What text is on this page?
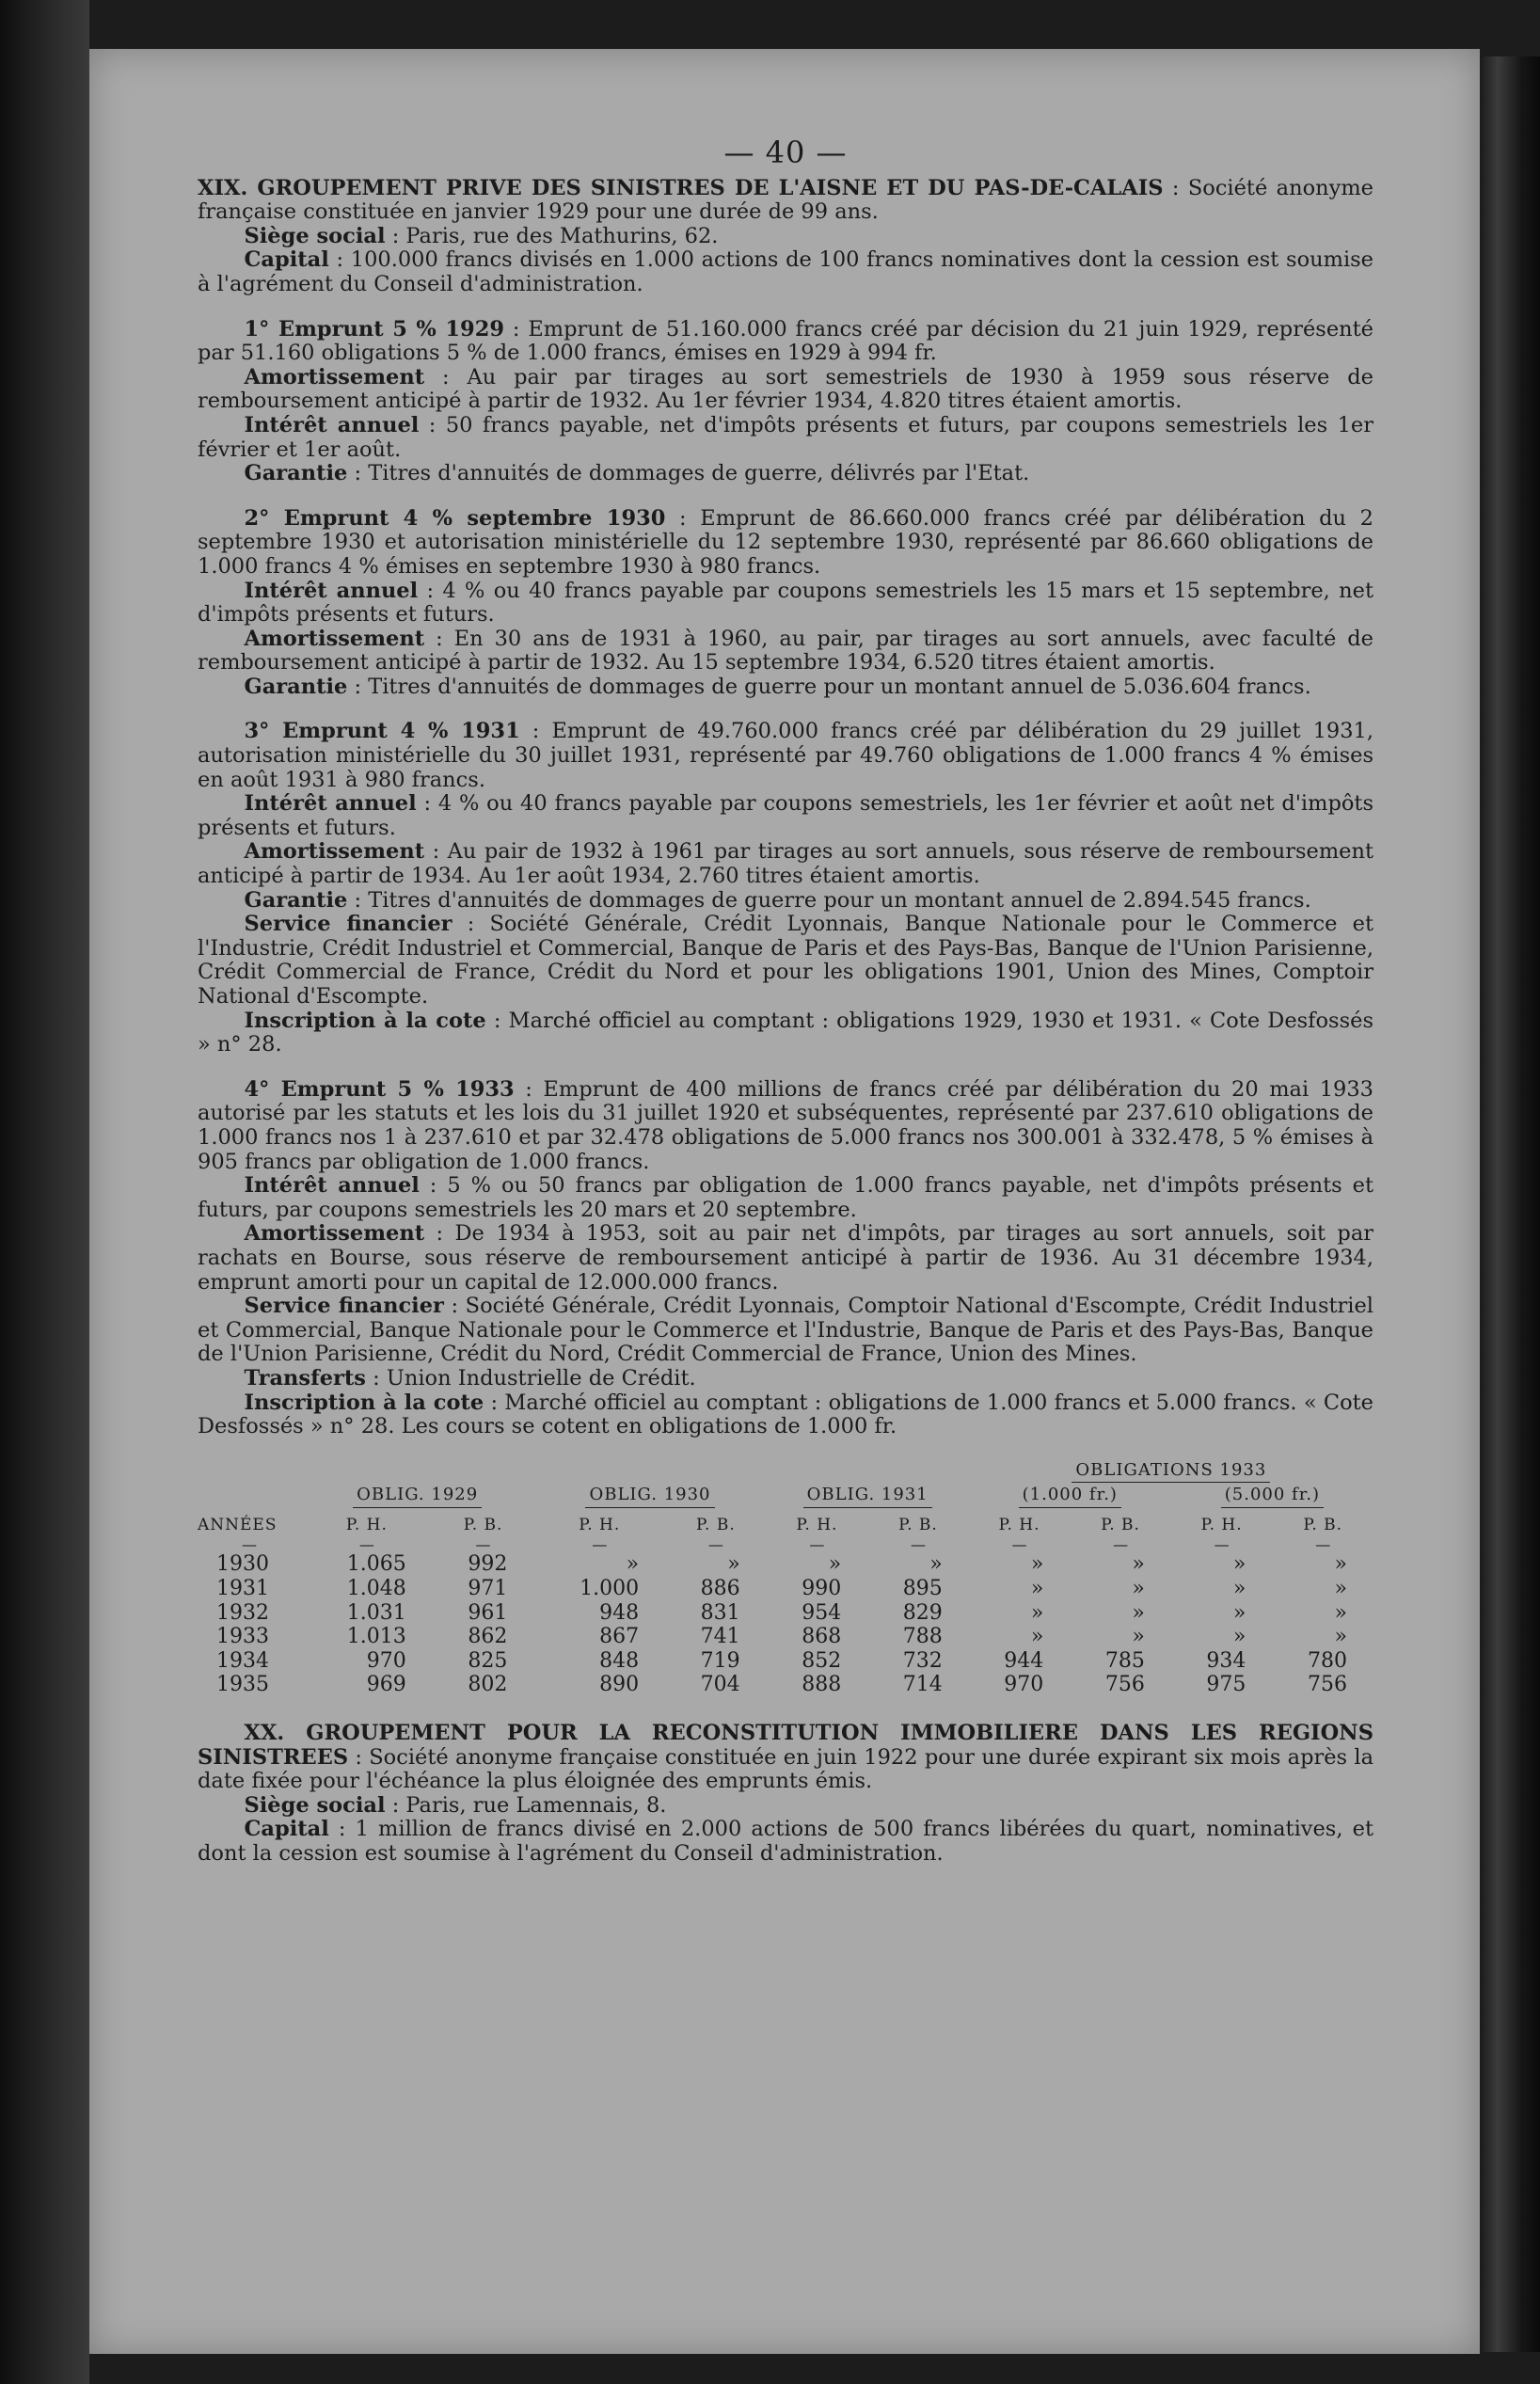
— 40 —

XIX. GROUPEMENT PRIVE DES SINISTRES DE L'AISNE ET DU PAS-DE-CALAIS : Société anonyme française constituée en janvier 1929 pour une durée de 99 ans.

Siège social : Paris, rue des Mathurins, 62.

Capital : 100.000 francs divisés en 1.000 actions de 100 francs nominatives dont la cession est soumise à l'agrément du Conseil d'administration.

1° Emprunt 5 % 1929 : Emprunt de 51.160.000 francs créé par décision du 21 juin 1929, représenté par 51.160 obligations 5 % de 1.000 francs, émises en 1929 à 994 fr.

Amortissement : Au pair par tirages au sort semestriels de 1930 à 1959 sous réserve de remboursement anticipé à partir de 1932. Au 1er février 1934, 4.820 titres étaient amortis.

Intérêt annuel : 50 francs payable, net d'impôts présents et futurs, par coupons semestriels les 1er février et 1er août.

Garantie : Titres d'annuités de dommages de guerre, délivrés par l'Etat.

2° Emprunt 4 % septembre 1930 : Emprunt de 86.660.000 francs créé par délibération du 2 septembre 1930 et autorisation ministérielle du 12 septembre 1930, représenté par 86.660 obligations de 1.000 francs 4 % émises en septembre 1930 à 980 francs.

Intérêt annuel : 4 % ou 40 francs payable par coupons semestriels les 15 mars et 15 septembre, net d'impôts présents et futurs.

Amortissement : En 30 ans de 1931 à 1960, au pair, par tirages au sort annuels, avec faculté de remboursement anticipé à partir de 1932. Au 15 septembre 1934, 6.520 titres étaient amortis.

Garantie : Titres d'annuités de dommages de guerre pour un montant annuel de 5.036.604 francs.

3° Emprunt 4 % 1931 : Emprunt de 49.760.000 francs créé par délibération du 29 juillet 1931, autorisation ministérielle du 30 juillet 1931, représenté par 49.760 obligations de 1.000 francs 4 % émises en août 1931 à 980 francs.

Intérêt annuel : 4 % ou 40 francs payable par coupons semestriels, les 1er février et août net d'impôts présents et futurs.

Amortissement : Au pair de 1932 à 1961 par tirages au sort annuels, sous réserve de remboursement anticipé à partir de 1934. Au 1er août 1934, 2.760 titres étaient amortis.

Garantie : Titres d'annuités de dommages de guerre pour un montant annuel de 2.894.545 francs.

Service financier : Société Générale, Crédit Lyonnais, Banque Nationale pour le Commerce et l'Industrie, Crédit Industriel et Commercial, Banque de Paris et des Pays-Bas, Banque de l'Union Parisienne, Crédit Commercial de France, Crédit du Nord et pour les obligations 1901, Union des Mines, Comptoir National d'Escompte.

Inscription à la cote : Marché officiel au comptant : obligations 1929, 1930 et 1931. « Cote Desfossés » n° 28.

4° Emprunt 5 % 1933 : Emprunt de 400 millions de francs créé par délibération du 20 mai 1933 autorisé par les statuts et les lois du 31 juillet 1920 et subséquentes, représenté par 237.610 obligations de 1.000 francs nos 1 à 237.610 et par 32.478 obligations de 5.000 francs nos 300.001 à 332.478, 5 % émises à 905 francs par obligation de 1.000 francs.

Intérêt annuel : 5 % ou 50 francs par obligation de 1.000 francs payable, net d'impôts présents et futurs, par coupons semestriels les 20 mars et 20 septembre.

Amortissement : De 1934 à 1953, soit au pair net d'impôts, par tirages au sort annuels, soit par rachats en Bourse, sous réserve de remboursement anticipé à partir de 1936. Au 31 décembre 1934, emprunt amorti pour un capital de 12.000.000 francs.

Service financier : Société Générale, Crédit Lyonnais, Comptoir National d'Escompte, Crédit Industriel et Commercial, Banque Nationale pour le Commerce et l'Industrie, Banque de Paris et des Pays-Bas, Banque de l'Union Parisienne, Crédit du Nord, Crédit Commercial de France, Union des Mines.

Transferts : Union Industrielle de Crédit.

Inscription à la cote : Marché officiel au comptant : obligations de 1.000 francs et 5.000 francs. « Cote Desfossés » n° 28. Les cours se cotent en obligations de 1.000 fr.

							OBLIGATIONS 1933			
	OBLIG. 1929		OBLIG. 1930		OBLIG. 1931		(1.000 fr.)		(5.000 fr.)	
ANNÉES	P. H.	P. B.	P. H.	P. B.	P. H.	P. B.	P. H.	P. B.	P. H.	P. B.
—	—	—	—	—	—	—	—	—	—	—
1930	1.065	992	»	»	»	»	»	»	»	»
1931	1.048	971	1.000	886	990	895	»	»	»	»
1932	1.031	961	948	831	954	829	»	»	»	»
1933	1.013	862	867	741	868	788	»	»	»	»
1934	970	825	848	719	852	732	944	785	934	780
1935	969	802	890	704	888	714	970	756	975	756

XX. GROUPEMENT POUR LA RECONSTITUTION IMMOBILIERE DANS LES REGIONS SINISTREES : Société anonyme française constituée en juin 1922 pour une durée expirant six mois après la date fixée pour l'échéance la plus éloignée des emprunts émis.

Siège social : Paris, rue Lamennais, 8.

Capital : 1 million de francs divisé en 2.000 actions de 500 francs libérées du quart, nominatives, et dont la cession est soumise à l'agrément du Conseil d'administration.
